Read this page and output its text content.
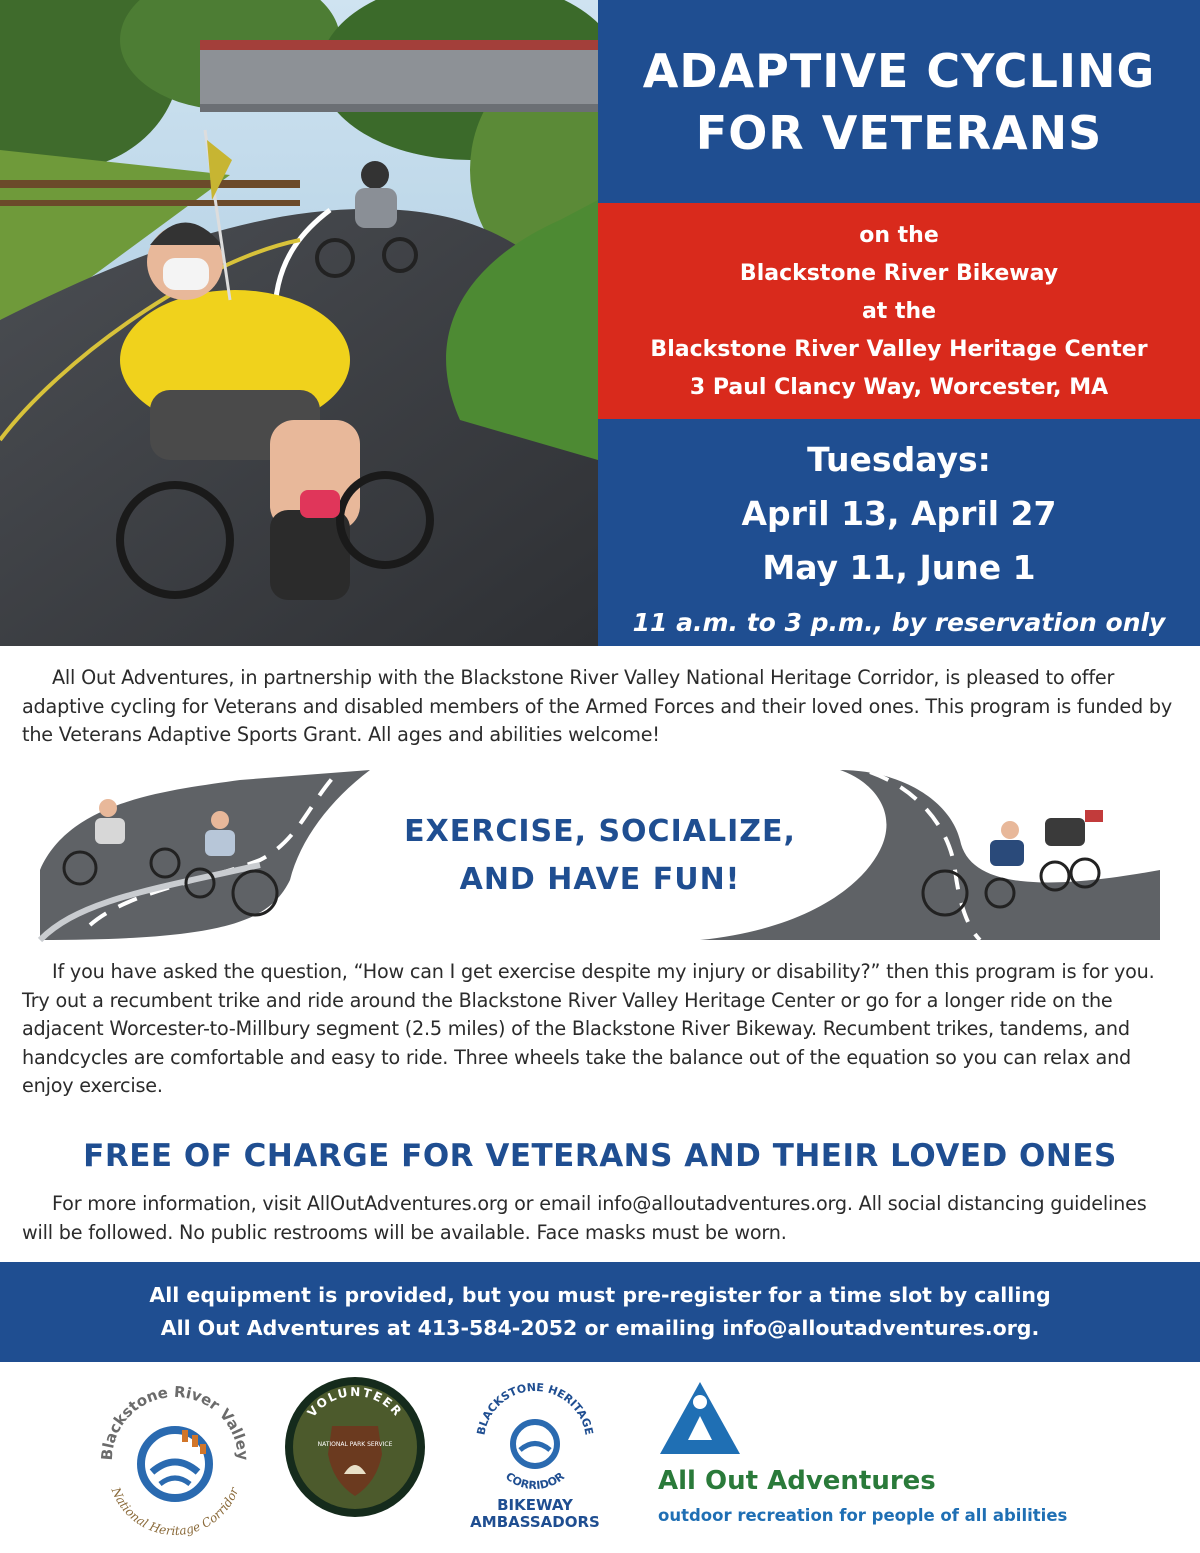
ADAPTIVE CYCLING
FOR VETERANS
on the
Blackstone River Bikeway
at the
Blackstone River Valley Heritage Center
3 Paul Clancy Way, Worcester, MA
Tuesdays:
April 13, April 27
May 11, June 1
11 a.m. to 3 p.m., by reservation only

All Out Adventures, in partnership with the Blackstone River Valley National Heritage Corridor, is pleased to offer adaptive cycling for Veterans and disabled members of the Armed Forces and their loved ones. This program is funded by the Veterans Adaptive Sports Grant. All ages and abilities welcome!

EXERCISE, SOCIALIZE,
AND HAVE FUN!

If you have asked the question, “How can I get exercise despite my injury or disability?” then this program is for you. Try out a recumbent trike and ride around the Blackstone River Valley Heritage Center or go for a longer ride on the adjacent Worcester-to-Millbury segment (2.5 miles) of the Blackstone River Bikeway. Recumbent trikes, tandems, and handcycles are comfortable and easy to ride. Three wheels take the balance out of the equation so you can relax and enjoy exercise.

FREE OF CHARGE FOR VETERANS AND THEIR LOVED ONES

For more information, visit AllOutAdventures.org or email info@alloutadventures.org. All social distancing guidelines will be followed. No public restrooms will be available. Face masks must be worn.

All equipment is provided, but you must pre-register for a time slot by calling
All Out Adventures at 413-584-2052 or emailing info@alloutadventures.org.
Blackstone River Valley
National Heritage Corridor
VOLUNTEER
NATIONAL PARK SERVICE
BLACKSTONE HERITAGE
CORRIDOR
BIKEWAY
AMBASSADORS
All Out Adventures
outdoor recreation for people of all abilities
